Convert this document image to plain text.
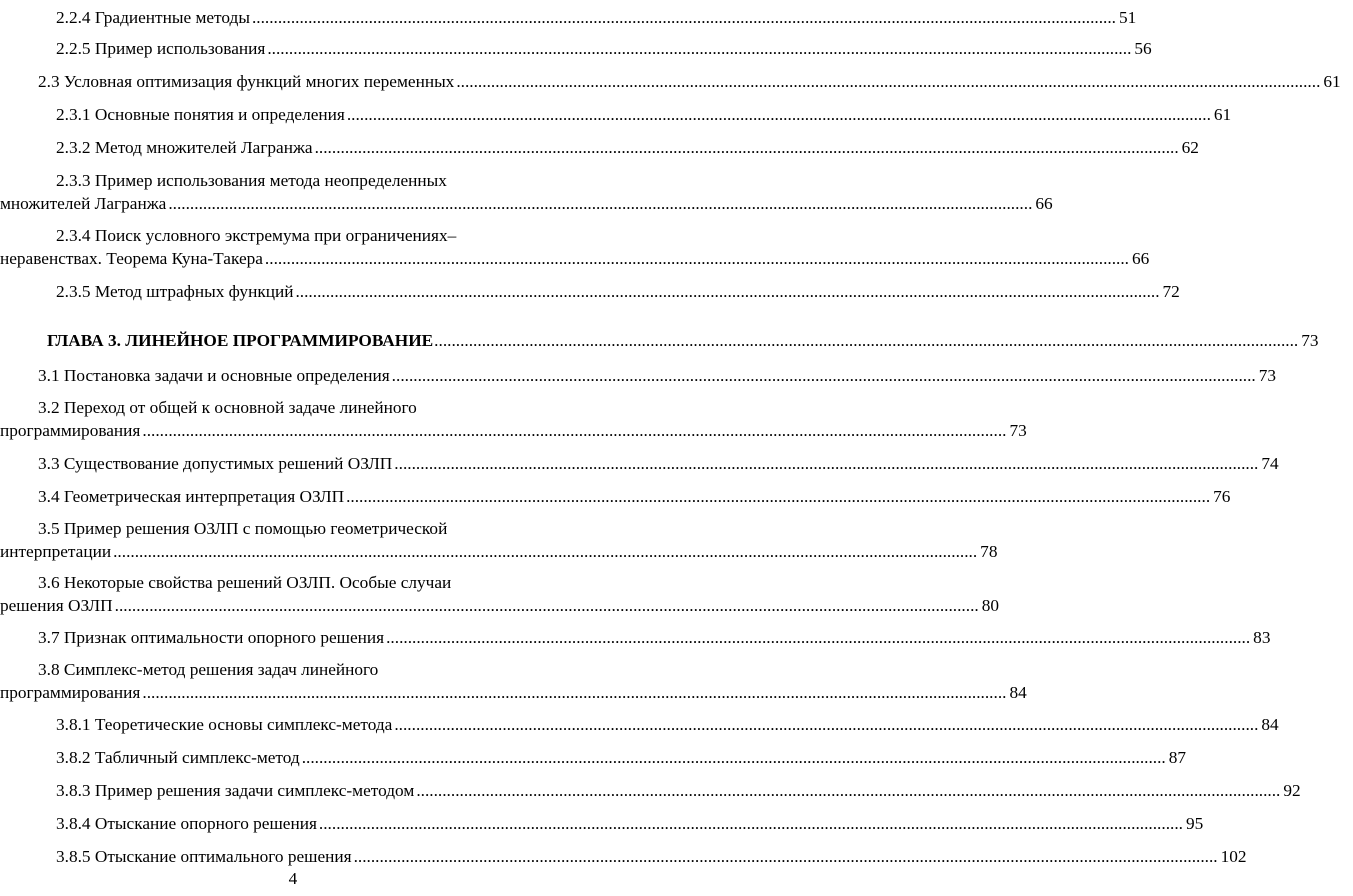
2.2.4 Градиентные методы .....	51
2.2.5 Пример использования .....	56
2.3 Условная оптимизация функций многих переменных .....	61
2.3.1 Основные понятия и определения .....	61
2.3.2 Метод множителей Лагранжа .....	62
2.3.3 Пример использования метода неопределенных
множителей Лагранжа .....	66
2.3.4 Поиск условного экстремума при ограничениях–
неравенствах. Теорема Куна-Такера .....	66
2.3.5 Метод штрафных функций .....	72
ГЛАВА 3. ЛИНЕЙНОЕ ПРОГРАММИРОВАНИЕ .....	73
3.1 Постановка задачи и основные определения .....	73
3.2 Переход от общей к основной задаче линейного
программирования .....	73
3.3 Существование допустимых решений ОЗЛП .....	74
3.4 Геометрическая интерпретация ОЗЛП .....	76
3.5 Пример решения ОЗЛП с помощью геометрической
интерпретации .....	78
3.6 Некоторые свойства решений ОЗЛП. Особые случаи
решения ОЗЛП .....	80
3.7 Признак оптимальности опорного решения .....	83
3.8 Симплекс-метод решения задач линейного
программирования .....	84
3.8.1 Теоретические основы симплекс-метода .....	84
3.8.2 Табличный симплекс-метод .....	87
3.8.3 Пример решения задачи симплекс-методом .....	92
3.8.4 Отыскание опорного решения .....	95
3.8.5 Отыскание оптимального решения .....	102
4
